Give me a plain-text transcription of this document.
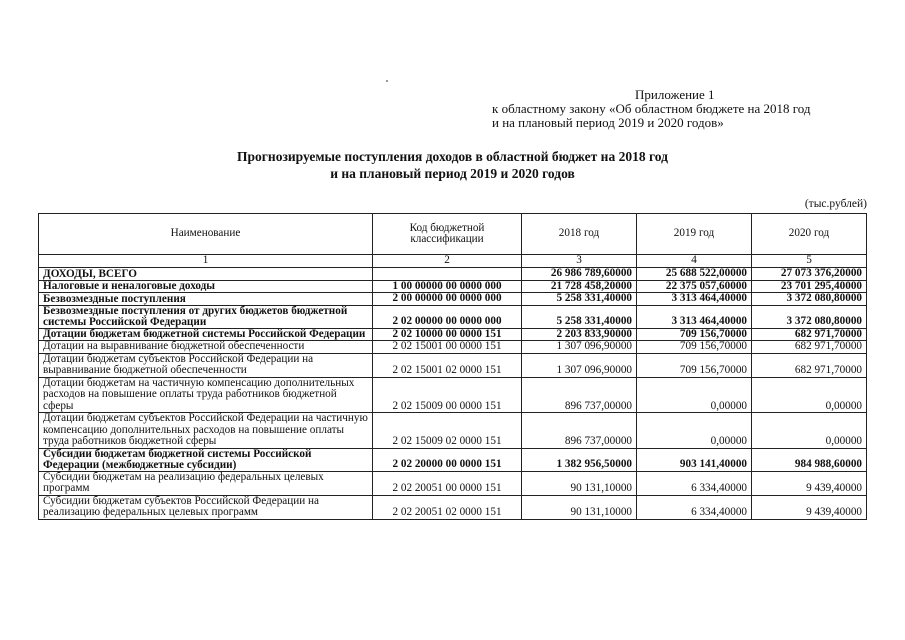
Приложение 1
к областному закону «Об областном бюджете на 2018 год
и на плановый период 2019 и 2020 годов»
Прогнозируемые поступления доходов в областной бюджет на 2018 год
и на плановый период 2019 и 2020 годов
(тыс.рублей)
Наименование	Код бюджетной классификации	2018 год	2019 год	2020 год
1	2	3	4	5
ДОХОДЫ, ВСЕГО		26 986 789,60000	25 688 522,00000	27 073 376,20000
Налоговые и неналоговые доходы	1 00 00000 00 0000 000	21 728 458,20000	22 375 057,60000	23 701 295,40000
Безвозмездные поступления	2 00 00000 00 0000 000	5 258 331,40000	3 313 464,40000	3 372 080,80000
Безвозмездные поступления от других бюджетов бюджетной системы Российской Федерации	2 02 00000 00 0000 000	5 258 331,40000	3 313 464,40000	3 372 080,80000
Дотации бюджетам бюджетной системы Российской Федерации	2 02 10000 00 0000 151	2 203 833,90000	709 156,70000	682 971,70000
Дотации на выравнивание бюджетной обеспеченности	2 02 15001 00 0000 151	1 307 096,90000	709 156,70000	682 971,70000
Дотации бюджетам субъектов Российской Федерации на выравнивание бюджетной обеспеченности	2 02 15001 02 0000 151	1 307 096,90000	709 156,70000	682 971,70000
Дотации бюджетам на частичную компенсацию дополнительных расходов на повышение оплаты труда работников бюджетной сферы	2 02 15009 00 0000 151	896 737,00000	0,00000	0,00000
Дотации бюджетам субъектов Российской Федерации на частичную компенсацию дополнительных расходов на повышение оплаты труда работников бюджетной сферы	2 02 15009 02 0000 151	896 737,00000	0,00000	0,00000
Субсидии бюджетам бюджетной системы Российской Федерации (межбюджетные субсидии)	2 02 20000 00 0000 151	1 382 956,50000	903 141,40000	984 988,60000
Субсидии бюджетам на реализацию федеральных целевых программ	2 02 20051 00 0000 151	90 131,10000	6 334,40000	9 439,40000
Субсидии бюджетам субъектов Российской Федерации на реализацию федеральных целевых программ	2 02 20051 02 0000 151	90 131,10000	6 334,40000	9 439,40000
